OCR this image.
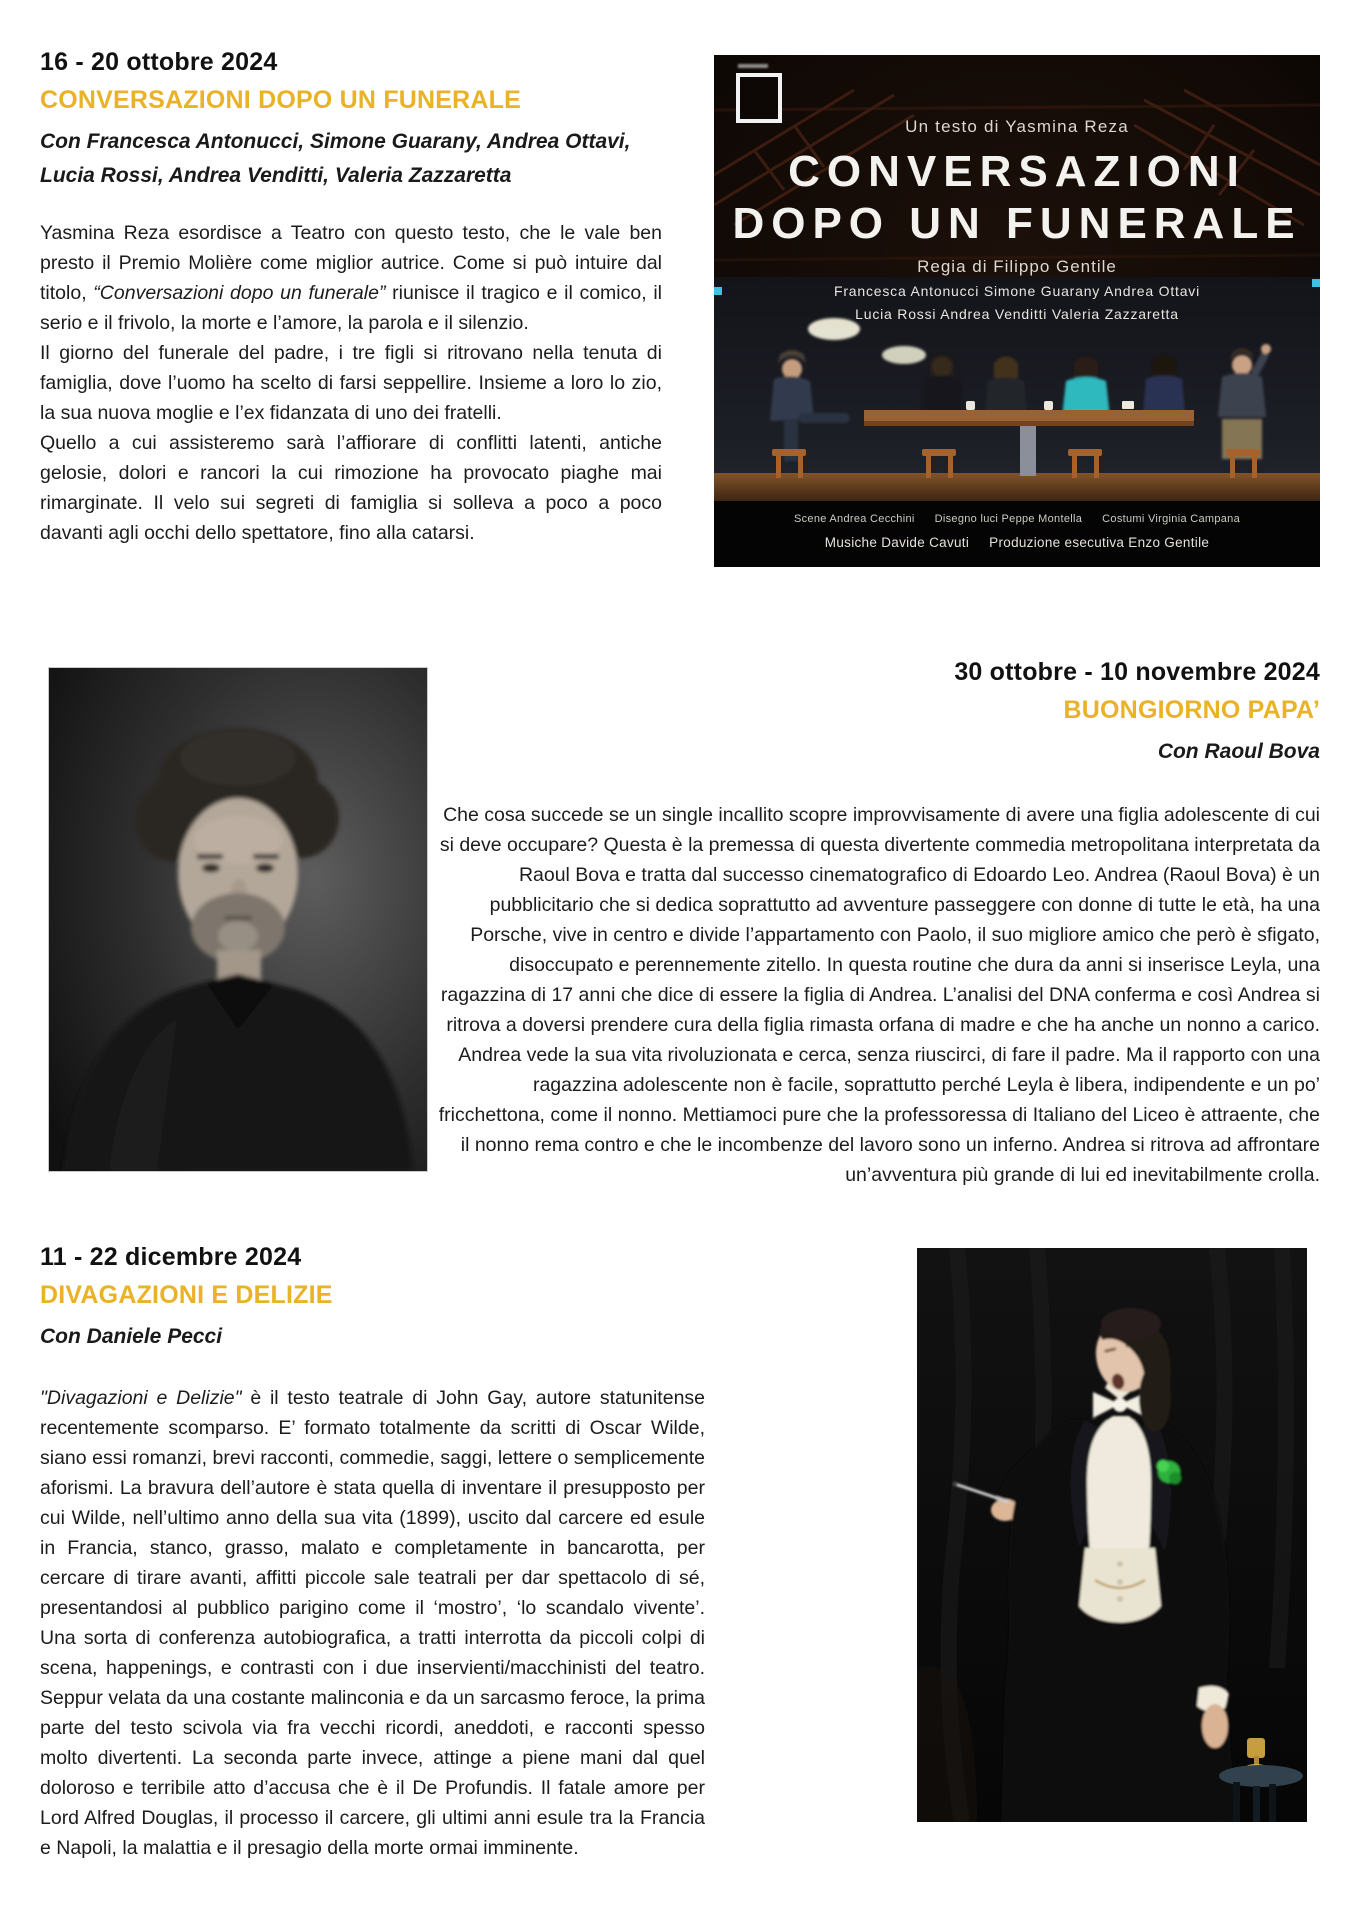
16 - 20 ottobre 2024
CONVERSAZIONI DOPO UN FUNERALE
Con Francesca Antonucci, Simone Guarany, Andrea Ottavi, Lucia Rossi, Andrea Venditti, Valeria Zazzaretta

Yasmina Reza esordisce a Teatro con questo testo, che le vale ben presto il Premio Molière come miglior autrice. Come si può intuire dal titolo, “Conversazioni dopo un funerale” riunisce il tragico e il comico, il serio e il frivolo, la morte e l’amore, la parola e il silenzio.

Il giorno del funerale del padre, i tre figli si ritrovano nella tenuta di famiglia, dove l’uomo ha scelto di farsi seppellire. Insieme a loro lo zio, la sua nuova moglie e l’ex fidanzata di uno dei fratelli.

Quello a cui assisteremo sarà l’affiorare di conflitti latenti, antiche gelosie, dolori e rancori la cui rimozione ha provocato piaghe mai rimarginate. Il velo sui segreti di famiglia si solleva a poco a poco davanti agli occhi dello spettatore, fino alla catarsi.

Un testo di Yasmina Reza
CONVERSAZIONI
DOPO UN FUNERALE
Regia di Filippo Gentile
Francesca Antonucci Simone Guarany Andrea Ottavi
Lucia Rossi Andrea Venditti Valeria Zazzaretta
Scene Andrea Cecchini Disegno luci Peppe Montella Costumi Virginia Campana
Musiche Davide Cavuti Produzione esecutiva Enzo Gentile
30 ottobre - 10 novembre 2024
BUONGIORNO PAPA’
Con Raoul Bova

Che cosa succede se un single incallito scopre improvvisamente di avere una figlia adolescente di cui si deve occupare? Questa è la premessa di questa divertente commedia metropolitana interpretata da Raoul Bova e tratta dal successo cinematografico di Edoardo Leo. Andrea (Raoul Bova) è un pubblicitario che si dedica soprattutto ad avventure passeggere con donne di tutte le età, ha una Porsche, vive in centro e divide l’appartamento con Paolo, il suo migliore amico che però è sfigato, disoccupato e perennemente zitello. In questa routine che dura da anni si inserisce Leyla, una ragazzina di 17 anni che dice di essere la figlia di Andrea. L’analisi del DNA conferma e così Andrea si ritrova a doversi prendere cura della figlia rimasta orfana di madre e che ha anche un nonno a carico. Andrea vede la sua vita rivoluzionata e cerca, senza riuscirci, di fare il padre. Ma il rapporto con una ragazzina adolescente non è facile, soprattutto perché Leyla è libera, indipendente e un po’ fricchettona, come il nonno. Mettiamoci pure che la professoressa di Italiano del Liceo è attraente, che il nonno rema contro e che le incombenze del lavoro sono un inferno. Andrea si ritrova ad affrontare un’avventura più grande di lui ed inevitabilmente crolla.

11 - 22 dicembre 2024
DIVAGAZIONI E DELIZIE
Con Daniele Pecci

"Divagazioni e Delizie" è il testo teatrale di John Gay, autore statunitense recentemente scomparso. E’ formato totalmente da scritti di Oscar Wilde, siano essi romanzi, brevi racconti, commedie, saggi, lettere o semplicemente aforismi. La bravura dell’autore è stata quella di inventare il presupposto per cui Wilde, nell’ultimo anno della sua vita (1899), uscito dal carcere ed esule in Francia, stanco, grasso, malato e completamente in bancarotta, per cercare di tirare avanti, affitti piccole sale teatrali per dar spettacolo di sé, presentandosi al pubblico parigino come il ‘mostro’, ‘lo scandalo vivente’. Una sorta di conferenza autobiografica, a tratti interrotta da piccoli colpi di scena, happenings, e contrasti con i due inservienti/macchinisti del teatro. Seppur velata da una costante malinconia e da un sarcasmo feroce, la prima parte del testo scivola via fra vecchi ricordi, aneddoti, e racconti spesso molto divertenti. La seconda parte invece, attinge a piene mani dal quel doloroso e terribile atto d’accusa che è il De Profundis. Il fatale amore per Lord Alfred Douglas, il processo il carcere, gli ultimi anni esule tra la Francia e Napoli, la malattia e il presagio della morte ormai imminente.
